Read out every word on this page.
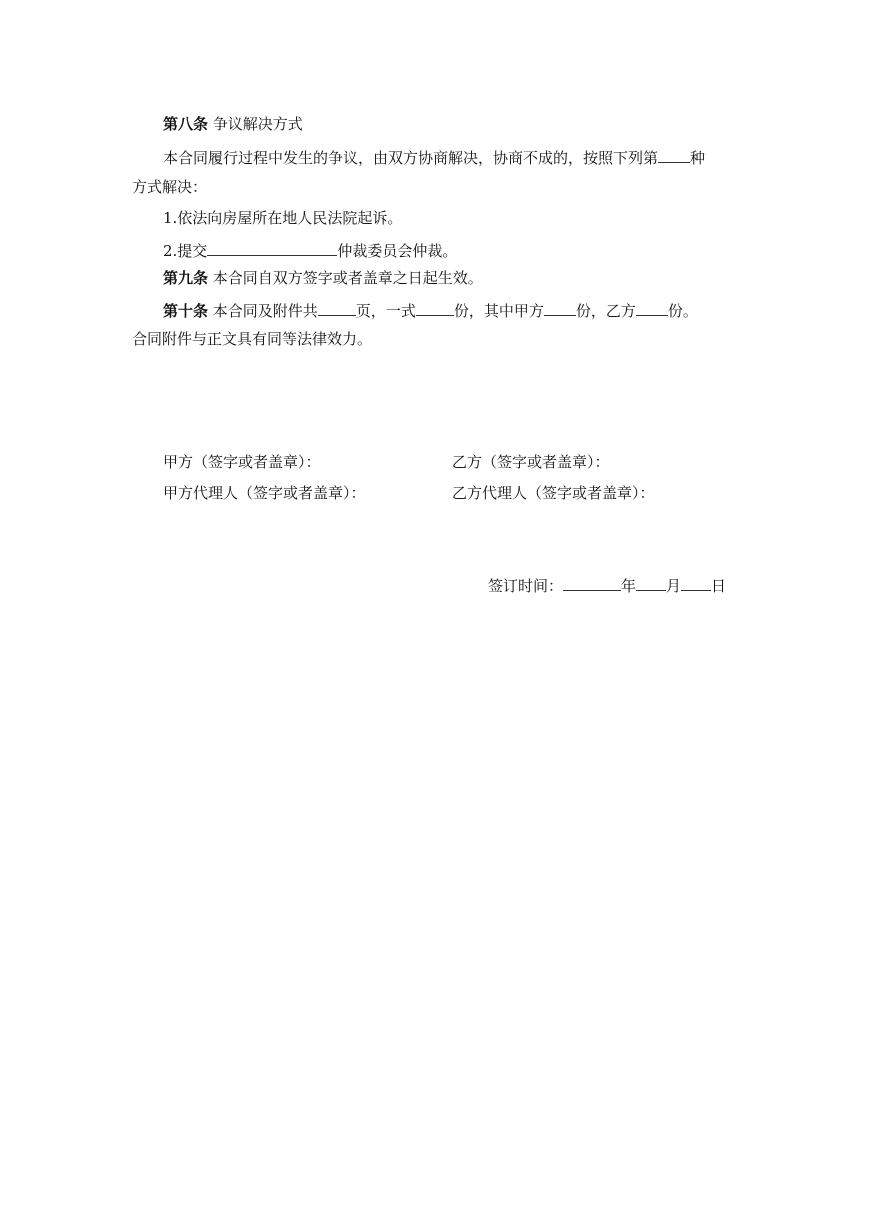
第八条 争议解决方式
本合同履行过程中发生的争议，由双方协商解决，协商不成的，按照下列第 种
方式解决：
1.依法向房屋所在地人民法院起诉。
2.提交	仲裁委员会仲裁。
第九条 本合同自双方签字或者盖章之日起生效。
第十条 本合同及附件共	页，一式	份，其中甲方 份，乙方 份。
合同附件与正文具有同等法律效力。
甲方（签字或者盖章）：	乙方（签字或者盖章）：
甲方代理人（签字或者盖章）：	乙方代理人（签字或者盖章）：
签订时间：	年 月 日
